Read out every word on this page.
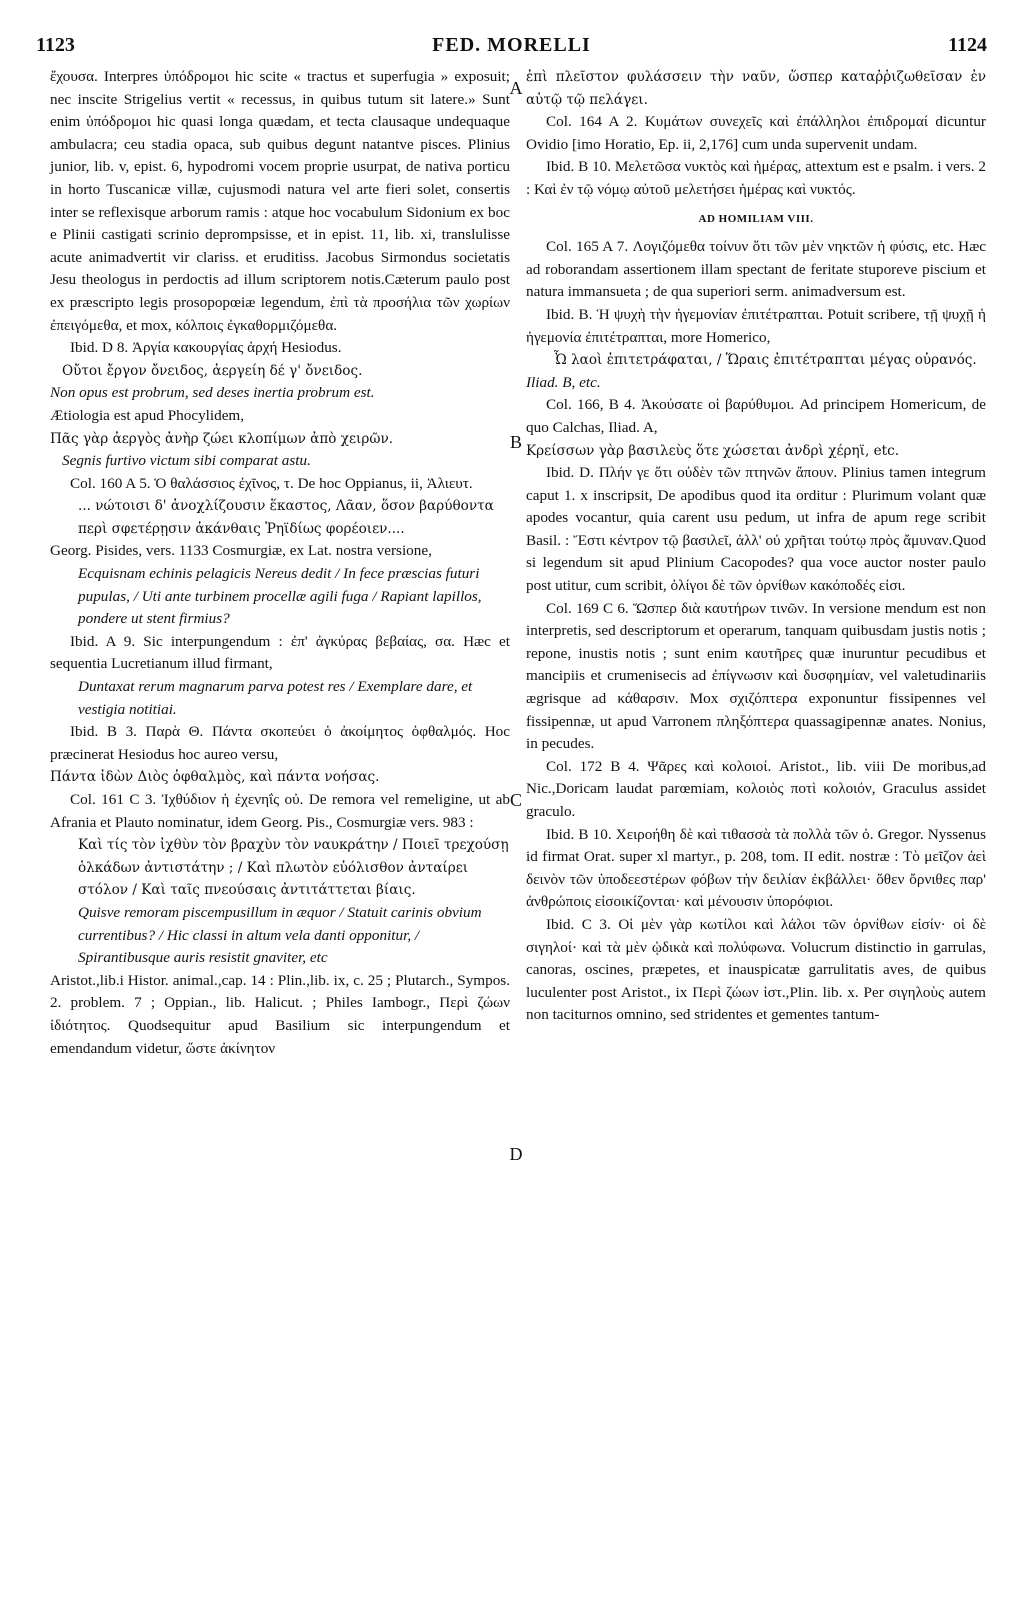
1123	FED. MORELLI	1124
A
B
C
D

ἔχουσα. Interpres ὑπόδρομοι hic scite « tractus et superfugia » exposuit; nec inscite Strigelius vertit « recessus, in quibus tutum sit latere.» Sunt enim ὑπόδρομοι hic quasi longa quædam, et tecta clausaque undequaque ambulacra; ceu stadia opaca, sub quibus degunt natantve pisces. Plinius junior, lib. v, epist. 6, hypodromi vocem proprie usurpat, de nativa porticu in horto Tuscanicæ villæ, cujusmodi natura vel arte fieri solet, consertis inter se reflexisque arborum ramis : atque hoc vocabulum Sidonium ex boc e Plinii castigati scrinio deprompsisse, et in epist. 11, lib. xi, translulisse acute animadvertit vir clariss. et eruditiss. Jacobus Sirmondus societatis Jesu theologus in perdoctis ad illum scriptorem notis.Cæterum paulo post ex præscripto legis prosopopœiæ legendum, ἐπὶ τὰ προσήλια τῶν χωρίων ἐπειγόμεθα, et mox, κόλποις ἐγκαθορμιζόμεθα.

Ibid. D 8. Ἀργία κακουργίας ἀρχή Hesiodus.

Οὔτοι ἔργον ὄνειδος, ἀεργείη δέ γ' ὄνειδος.

Non opus est probrum, sed deses inertia probrum est.

Ætiologia est apud Phocylidem,

Πᾶς γὰρ ἀεργὸς ἀνὴρ ζώει κλοπίμων ἀπὸ χειρῶν.

Segnis furtivo victum sibi comparat astu.

Col. 160 A 5. Ὁ θαλάσσιος ἐχῖνος, τ. De hoc Oppianus, ii, Ἁλιευτ.

... νώτοισι δ' ἀνοχλίζουσιν ἕκαστος, Λᾶαν, ὅσον βαρύθοντα περὶ σφετέρῃσιν ἀκάνθαις Ῥηϊδίως φορέοιεν....

Georg. Pisides, vers. 1133 Cosmurgiæ, ex Lat. nostra versione,

Ecquisnam echinis pelagicis Nereus dedit / In fece præscias futuri pupulas, / Uti ante turbinem procellæ agili fuga / Rapiant lapillos, pondere ut stent firmius?

Ibid. A 9. Sic interpungendum : ἐπ' ἀγκύρας βεβαίας, σα. Hæc et sequentia Lucretianum illud firmant,

Duntaxat rerum magnarum parva potest res / Exemplare dare, et vestigia notitiai.

Ibid. B 3. Παρὰ Θ. Πάντα σκοπεύει ὁ ἀκοίμητος ὀφθαλμός. Hoc præcinerat Hesiodus hoc aureo versu,

Πάντα ἰδὼν Διὸς ὀφθαλμὸς, καὶ πάντα νοήσας.

Col. 161 C 3. Ἰχθύδιον ἡ ἐχενηΐς οὐ. De remora vel remeligine, ut ab Afrania et Plauto nominatur, idem Georg. Pis., Cosmurgiæ vers. 983 :

Καὶ τίς τὸν ἰχθὺν τὸν βραχὺν τὸν ναυκράτην / Ποιεῖ τρεχούσῃ ὁλκάδων ἀντιστάτην ; / Καὶ πλωτὸν εὐόλισθον ἀνταίρει στόλον / Καὶ ταῖς πνεούσαις ἀντιτάττεται βίαις.

Quisve remoram piscempusillum in æquor / Statuit carinis obvium currentibus? / Hic classi in altum vela danti opponitur, / Spirantibusque auris resistit gnaviter, etc

Aristot.,lib.i Histor. animal.,cap. 14 : Plin.,lib. ix, c. 25 ; Plutarch., Sympos. 2. problem. 7 ; Oppian., lib. Halicut. ; Philes Iambogr., Περὶ ζώων ἰδιότητος. Quodsequitur apud Basilium sic interpungendum et emendandum videtur, ὥστε ἀκίνητον

ἐπὶ πλεῖστον φυλάσσειν τὴν ναῦν, ὥσπερ καταῤῥιζωθεῖσαν ἐν αὐτῷ τῷ πελάγει.

Col. 164 A 2. Κυμάτων συνεχεῖς καὶ ἐπάλληλοι ἐπιδρομαί dicuntur Ovidio [imo Horatio, Ep. ii, 2,176] cum unda supervenit undam.

Ibid. B 10. Μελετῶσα νυκτὸς καὶ ἡμέρας, attextum est e psalm. i vers. 2 : Καὶ ἐν τῷ νόμῳ αὐτοῦ μελετήσει ἡμέρας καὶ νυκτός.

AD HOMILIAM VIII.

Col. 165 A 7. Λογιζόμεθα τοίνυν ὅτι τῶν μὲν νηκτῶν ἡ φύσις, etc. Hæc ad roborandam assertionem illam spectant de feritate stuporeve piscium et natura immansueta ; de qua superiori serm. animadversum est.

Ibid. B. Ἡ ψυχὴ τὴν ἡγεμονίαν ἐπιτέτραπται. Potuit scribere, τῇ ψυχῇ ἡ ἡγεμονία ἐπιτέτραπται, more Homerico,

Ὦ λαοὶ ἐπιτετράφαται, / Ὥραις ἐπιτέτραπται μέγας οὐρανός.

Iliad. B, etc.

Col. 166, B 4. Ἀκούσατε οἱ βαρύθυμοι. Ad principem Homericum, de quo Calchas, Iliad. A,

Κρείσσων γὰρ βασιλεὺς ὅτε χώσεται ἀνδρὶ χέρηϊ, etc.

Ibid. D. Πλήν γε ὅτι οὐδὲν τῶν πτηνῶν ἄπουν. Plinius tamen integrum caput 1. x inscripsit, De apodibus quod ita orditur : Plurimum volant quæ apodes vocantur, quia carent usu pedum, ut infra de apum rege scribit Basil. : Ἔστι κέντρον τῷ βασιλεῖ, ἀλλ' οὐ χρῆται τούτῳ πρὸς ἄμυναν.Quod si legendum sit apud Plinium Cacopodes? qua voce auctor noster paulo post utitur, cum scribit, ὀλίγοι δὲ τῶν ὀρνίθων κακόποδές εἰσι.

Col. 169 C 6. Ὥσπερ διὰ καυτήρων τινῶν. In versione mendum est non interpretis, sed descriptorum et operarum, tanquam quibusdam justis notis ; repone, inustis notis ; sunt enim καυτῆρες quæ inuruntur pecudibus et mancipiis et crumenisecis ad ἐπίγνωσιν καὶ δυσφημίαν, vel valetudinariis ægrisque ad κάθαρσιν. Mox σχιζόπτερα exponuntur fissipennes vel fissipennæ, ut apud Varronem πληξόπτερα quassagipennæ anates. Nonius, in pecudes.

Col. 172 B 4. Ψᾶρες καὶ κολοιοί. Aristot., lib. viii De moribus,ad Nic.,Doricam laudat parœmiam, κολοιὸς ποτὶ κολοιόν, Graculus assidet graculo.

Ibid. B 10. Χειροήθη δὲ καὶ τιθασσὰ τὰ πολλὰ τῶν ὀ. Gregor. Nyssenus id firmat Orat. super xl martyr., p. 208, tom. II edit. nostræ : Τὸ μεῖζον ἀεὶ δεινὸν τῶν ὑποδεεστέρων φόβων τὴν δειλίαν ἐκβάλλει· ὅθεν ὄρνιθες παρ' ἀνθρώποις εἰσοικίζονται· καὶ μένουσιν ὑπορόφιοι.

Ibid. C 3. Οἱ μὲν γὰρ κωτίλοι καὶ λάλοι τῶν ὀρνίθων εἰσίν· οἱ δὲ σιγηλοί· καὶ τὰ μὲν ᾠδικὰ καὶ πολύφωνα. Volucrum distinctio in garrulas, canoras, oscines, præpetes, et inauspicatæ garrulitatis aves, de quibus luculenter post Aristot., ix Περὶ ζώων ἱστ.,Plin. lib. x. Per σιγηλοὺς autem non taciturnos omnino, sed stridentes et gementes tantum-
